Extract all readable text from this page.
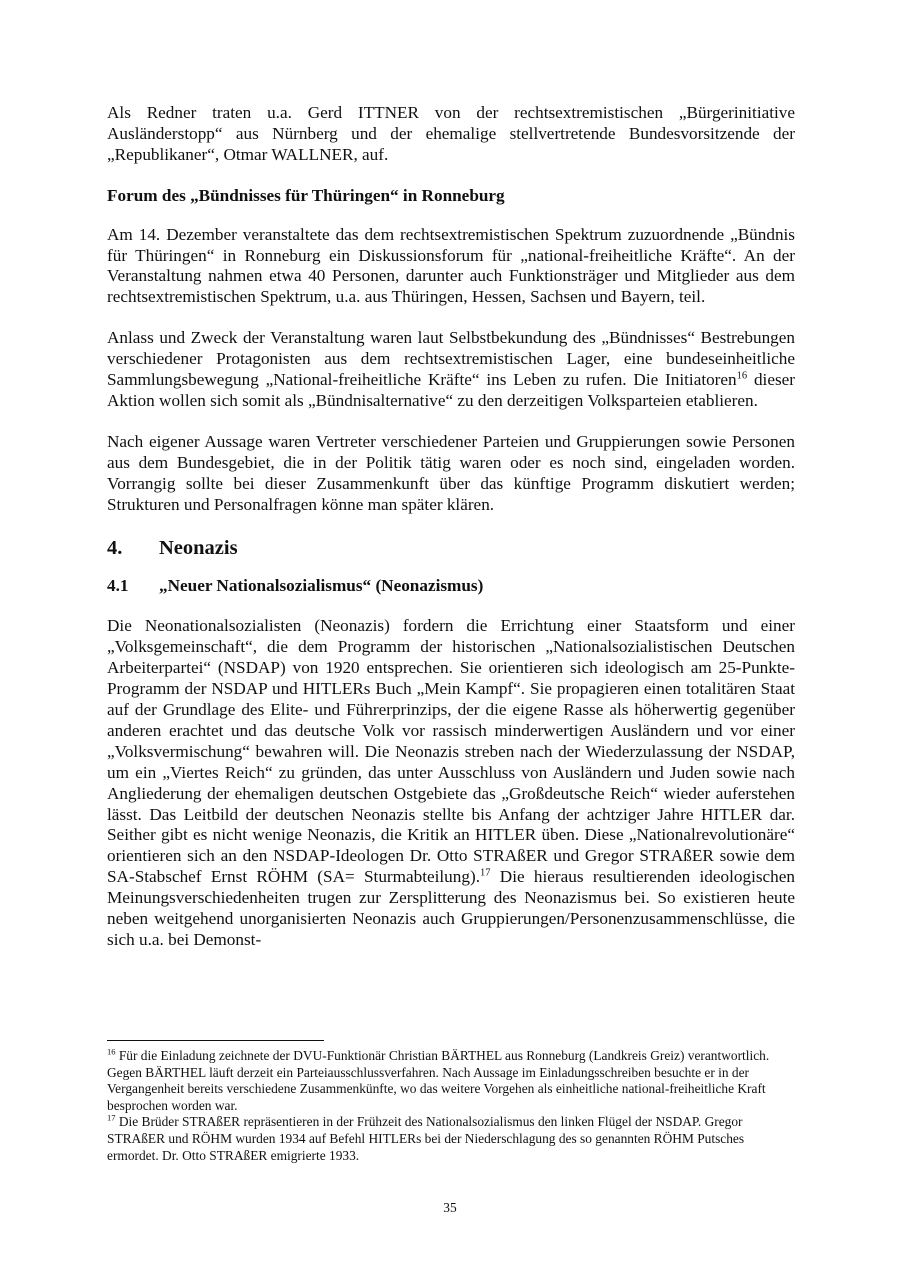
Als Redner traten u.a. Gerd ITTNER von der rechtsextremistischen „Bürgerinitiative Ausländerstopp“ aus Nürnberg und der ehemalige stellvertretende Bundesvorsitzende der „Republikaner“, Otmar WALLNER, auf.

Forum des „Bündnisses für Thüringen“ in Ronneburg

Am 14. Dezember veranstaltete das dem rechtsextremistischen Spektrum zuzuordnende „Bündnis für Thüringen“ in Ronneburg ein Diskussionsforum für „national-freiheitliche Kräfte“. An der Veranstaltung nahmen etwa 40 Personen, darunter auch Funktionsträger und Mitglieder aus dem rechtsextremistischen Spektrum, u.a. aus Thüringen, Hessen, Sachsen und Bayern, teil.

Anlass und Zweck der Veranstaltung waren laut Selbstbekundung des „Bündnisses“ Bestrebungen verschiedener Protagonisten aus dem rechtsextremistischen Lager, eine bundeseinheitliche Sammlungsbewegung „National-freiheitliche Kräfte“ ins Leben zu rufen. Die Initiatoren$^{16}$ dieser Aktion wollen sich somit als „Bündnisalternative“ zu den derzeitigen Volksparteien etablieren.

Nach eigener Aussage waren Vertreter verschiedener Parteien und Gruppierungen sowie Personen aus dem Bundesgebiet, die in der Politik tätig waren oder es noch sind, eingeladen worden. Vorrangig sollte bei dieser Zusammenkunft über das künftige Programm diskutiert werden; Strukturen und Personalfragen könne man später klären.

4.	Neonazis
4.1	„Neuer Nationalsozialismus“ (Neonazismus)

Die Neonationalsozialisten (Neonazis) fordern die Errichtung einer Staatsform und einer „Volksgemeinschaft“, die dem Programm der historischen „Nationalsozialistischen Deutschen Arbeiterpartei“ (NSDAP) von 1920 entsprechen. Sie orientieren sich ideologisch am 25-Punkte-Programm der NSDAP und HITLERs Buch „Mein Kampf“. Sie propagieren einen totalitären Staat auf der Grundlage des Elite- und Führerprinzips, der die eigene Rasse als höherwertig gegenüber anderen erachtet und das deutsche Volk vor rassisch minderwertigen Ausländern und vor einer „Volksvermischung“ bewahren will. Die Neonazis streben nach der Wiederzulassung der NSDAP, um ein „Viertes Reich“ zu gründen, das unter Ausschluss von Ausländern und Juden sowie nach Angliederung der ehemaligen deutschen Ostgebiete das „Großdeutsche Reich“ wieder auferstehen lässt. Das Leitbild der deutschen Neonazis stellte bis Anfang der achtziger Jahre HITLER dar. Seither gibt es nicht wenige Neonazis, die Kritik an HITLER üben. Diese „Nationalrevolutionäre“ orientieren sich an den NSDAP-Ideologen Dr. Otto STRAßER und Gregor STRAßER sowie dem SA-Stabschef Ernst RÖHM (SA= Sturmabteilung).$^{17}$ Die hieraus resultierenden ideologischen Meinungsverschiedenheiten trugen zur Zersplitterung des Neonazismus bei. So existieren heute neben weitgehend unorganisierten Neonazis auch Gruppierungen/Personenzusammenschlüsse, die sich u.a. bei Demonst-

$^{16}$ Für die Einladung zeichnete der DVU-Funktionär Christian BÄRTHEL aus Ronneburg (Landkreis Greiz) verantwortlich. Gegen BÄRTHEL läuft derzeit ein Parteiausschlussverfahren. Nach Aussage im Einladungsschreiben besuchte er in der Vergangenheit bereits verschiedene Zusammenkünfte, wo das weitere Vorgehen als einheitliche national-freiheitliche Kraft besprochen worden war.

$^{17}$ Die Brüder STRAßER repräsentieren in der Frühzeit des Nationalsozialismus den linken Flügel der NSDAP. Gregor STRAßER und RÖHM wurden 1934 auf Befehl HITLERs bei der Niederschlagung des so genannten RÖHM Putsches ermordet. Dr. Otto STRAßER emigrierte 1933.

35
